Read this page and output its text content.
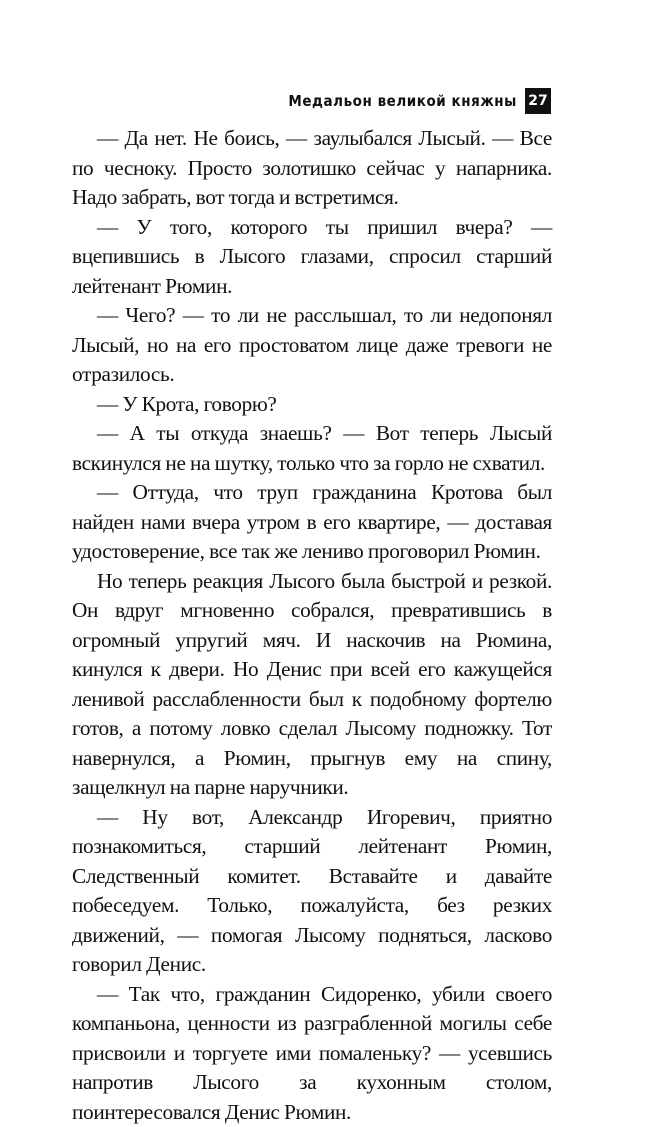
Медальон великой княжны 27

— Да нет. Не боись, — заулыбался Лысый. — Все по чесноку. Просто золотишко сейчас у напарника. Надо забрать, вот тогда и встретимся.

— У того, которого ты пришил вчера? — вцепившись в Лысого глазами, спросил старший лейтенант Рюмин.

— Чего? — то ли не расслышал, то ли недопонял Лысый, но на его простоватом лице даже тревоги не отразилось.

— У Крота, говорю?

— А ты откуда знаешь? — Вот теперь Лысый вскинулся не на шутку, только что за горло не схватил.

— Оттуда, что труп гражданина Кротова был найден нами вчера утром в его квартире, — доставая удостоверение, все так же лениво проговорил Рюмин.

Но теперь реакция Лысого была быстрой и резкой. Он вдруг мгновенно собрался, превратившись в огромный упругий мяч. И наскочив на Рюмина, кинулся к двери. Но Денис при всей его кажущейся ленивой расслабленности был к подобному фортелю готов, а потому ловко сделал Лысому подножку. Тот навернулся, а Рюмин, прыгнув ему на спину, защелкнул на парне наручники.

— Ну вот, Александр Игоревич, приятно познакомиться, старший лейтенант Рюмин, Следственный комитет. Вставайте и давайте побеседуем. Только, пожалуйста, без резких движений, — помогая Лысому подняться, ласково говорил Денис.

— Так что, гражданин Сидоренко, убили своего компаньона, ценности из разграбленной могилы себе присвоили и торгуете ими помаленьку? — усевшись напротив Лысого за кухонным столом, поинтересовался Денис Рюмин.
